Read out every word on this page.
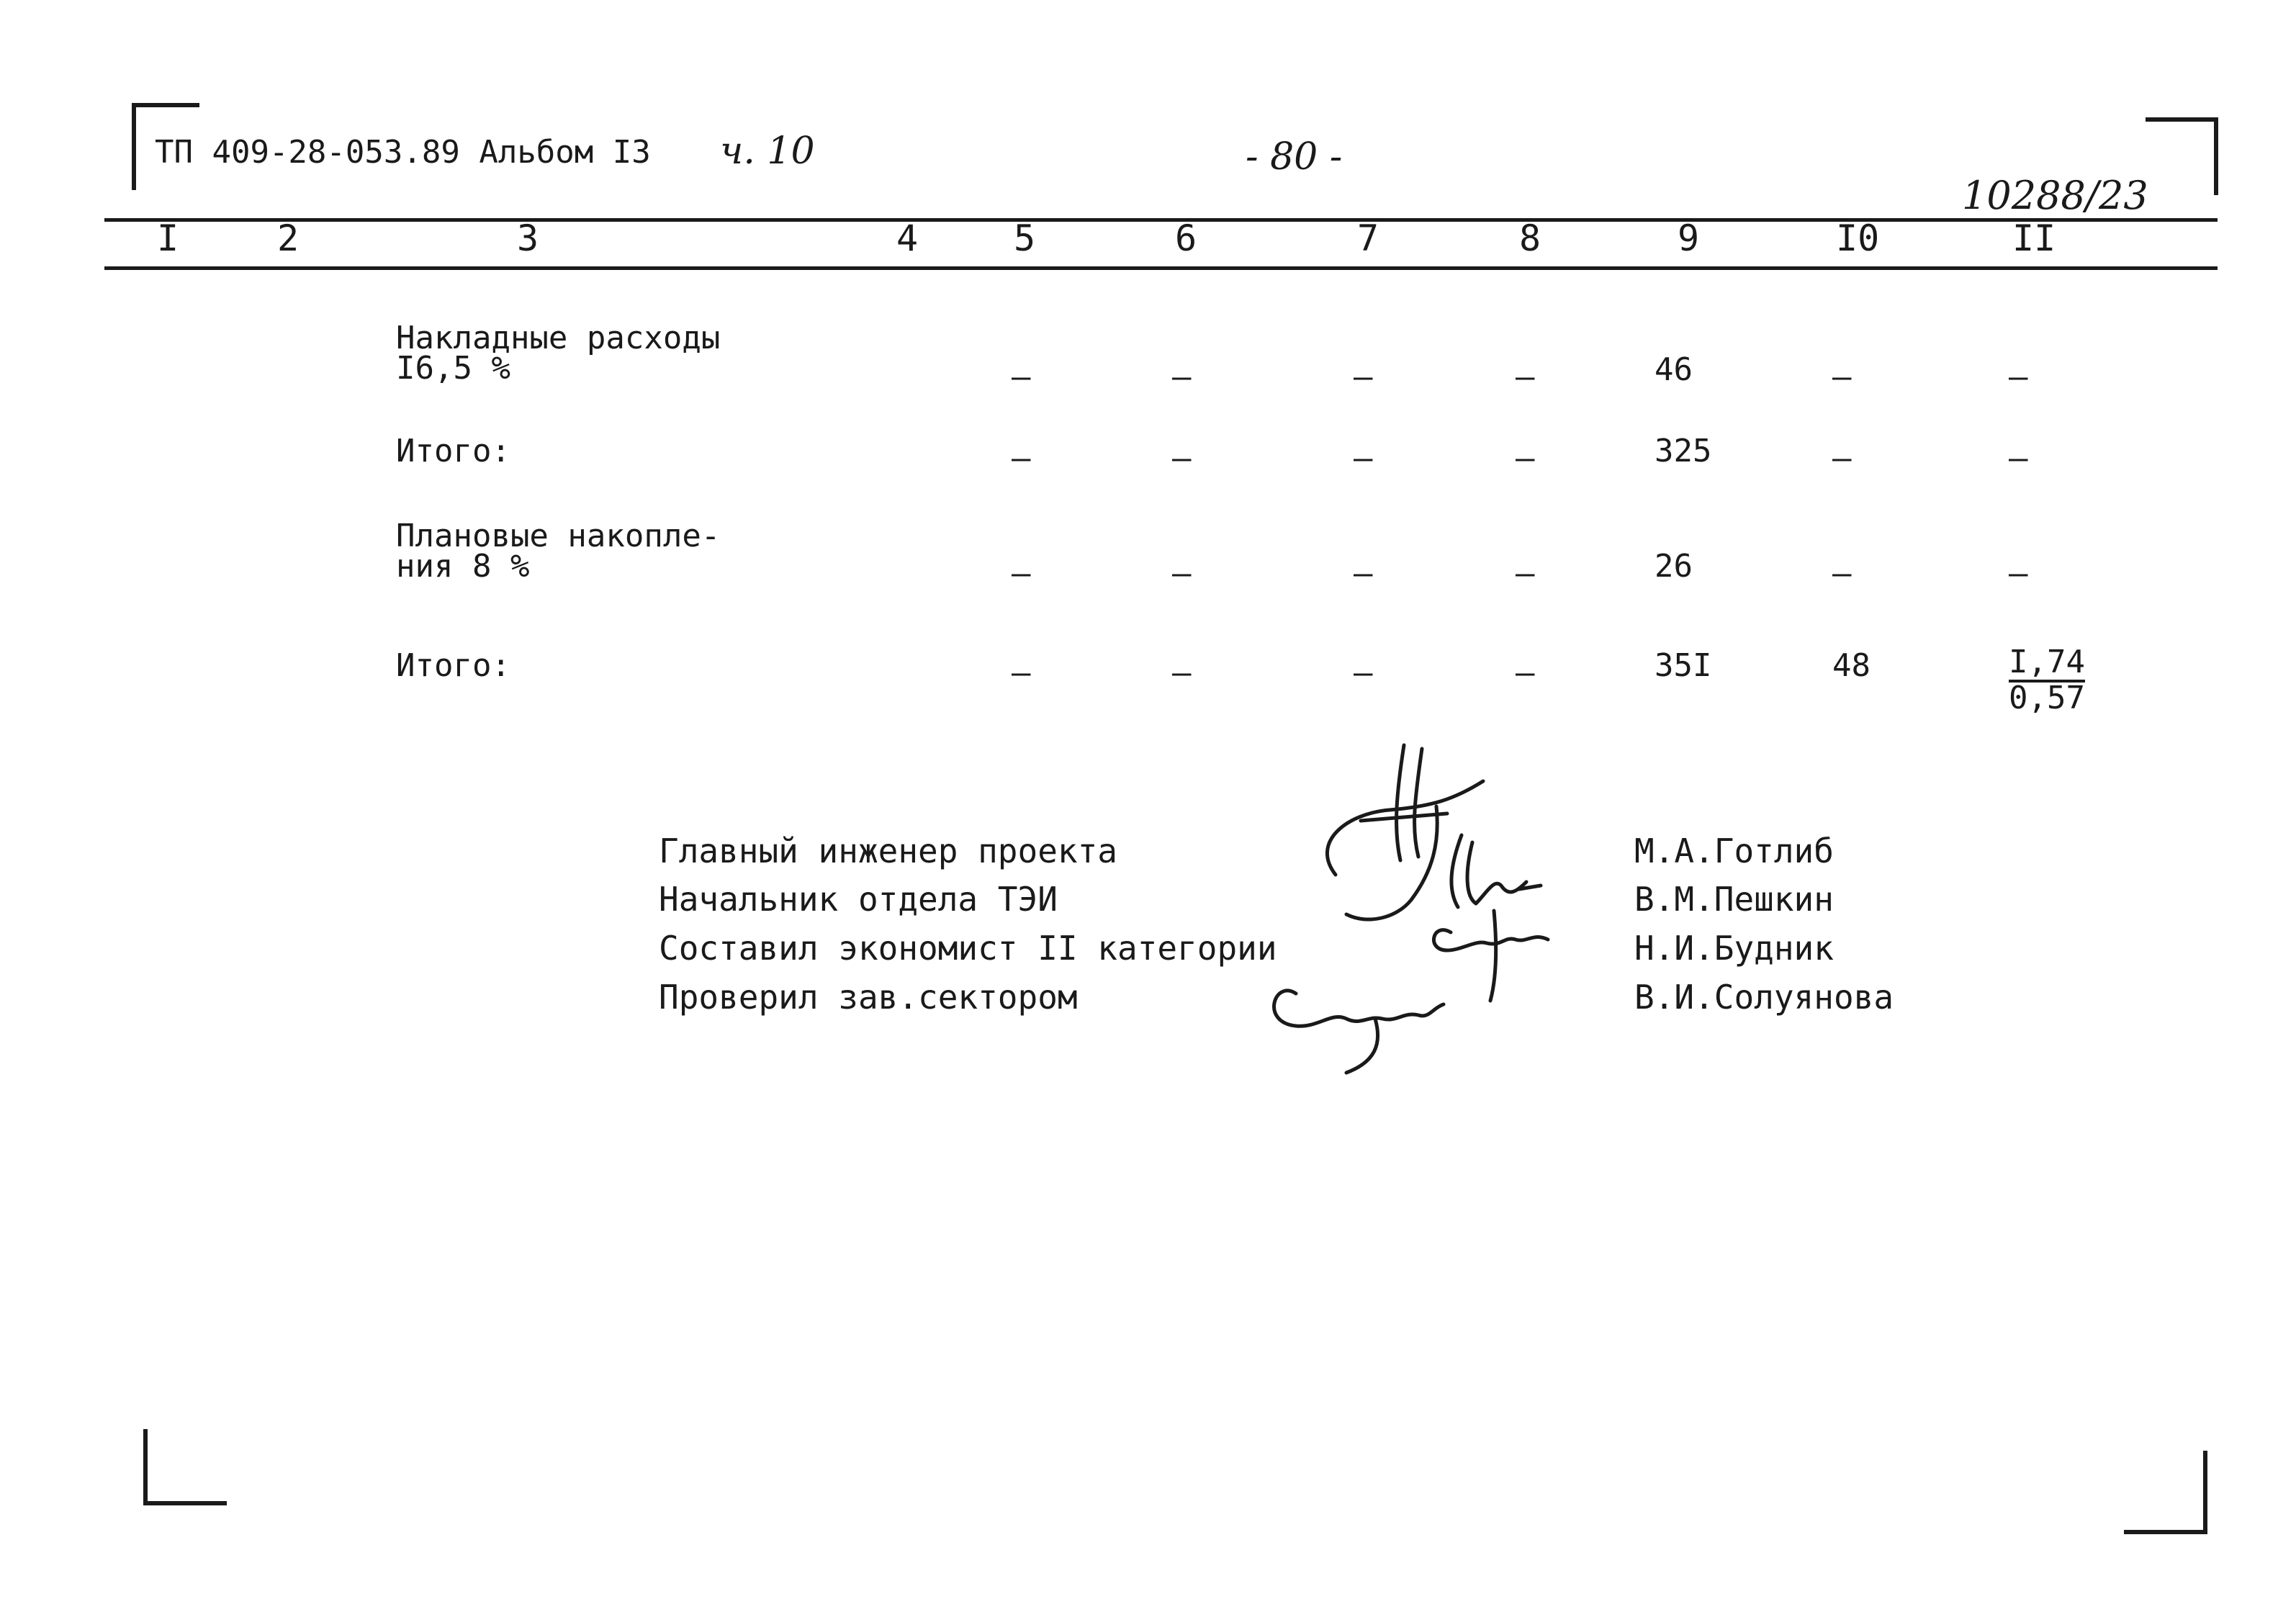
ТП 409-28-053.89 Альбом I3 ч. 10	- 80 -
10288/23
I	2	3	4	5	6	7	8	9	I0	II
Накладные расходы
I6,5 %	–	–	–	–	46	–	–
Итого:	–	–	–	–	325	–	–
Плановые накопле-
ния 8 %	–	–	–	–	26	–	–
Итого:	–	–	–	–	35I	48	$\frac{I,74}{0,57}$
Главный инженер проекта
Начальник отдела ТЭИ
Составил экономист II категории
Проверил зав.сектором
М.А.Готлиб
В.М.Пешкин
Н.И.Будник
В.И.Солуянова
